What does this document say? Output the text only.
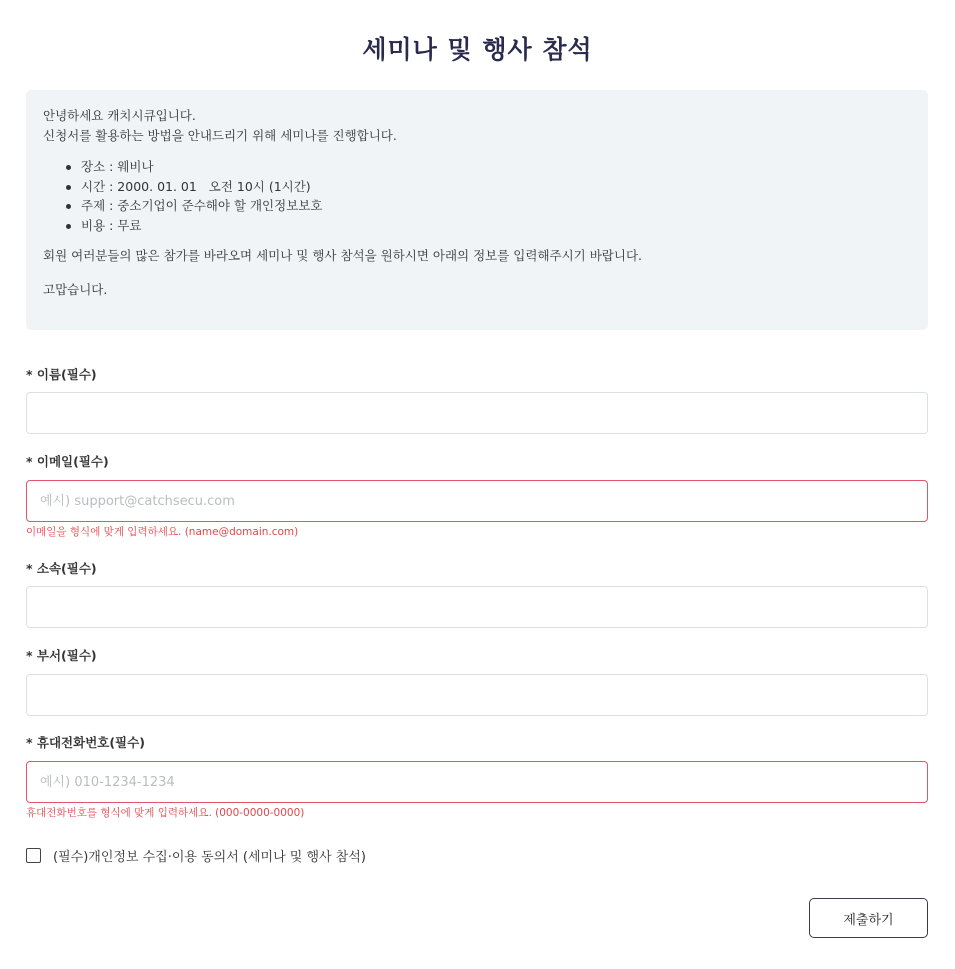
세미나 및 행사 참석

안녕하세요 캐치시큐입니다.

신청서를 활용하는 방법을 안내드리기 위해 세미나를 진행합니다.

장소 : 웨비나
시간 : 2000. 01. 01   오전 10시 (1시간)
주제 : 중소기업이 준수해야 할 개인정보보호
비용 : 무료

회원 여러분들의 많은 참가를 바라오며 세미나 및 행사 참석을 원하시면 아래의 정보를 입력해주시기 바랍니다.

고맙습니다.

* 이름(필수)
* 이메일(필수)
예시) support@catchsecu.com
이메일을 형식에 맞게 입력하세요. (name@domain.com)
* 소속(필수)
* 부서(필수)
* 휴대전화번호(필수)
예시) 010-1234-1234
휴대전화번호를 형식에 맞게 입력하세요. (000-0000-0000)
(필수)개인정보 수집·이용 동의서 (세미나 및 행사 참석)
제출하기
